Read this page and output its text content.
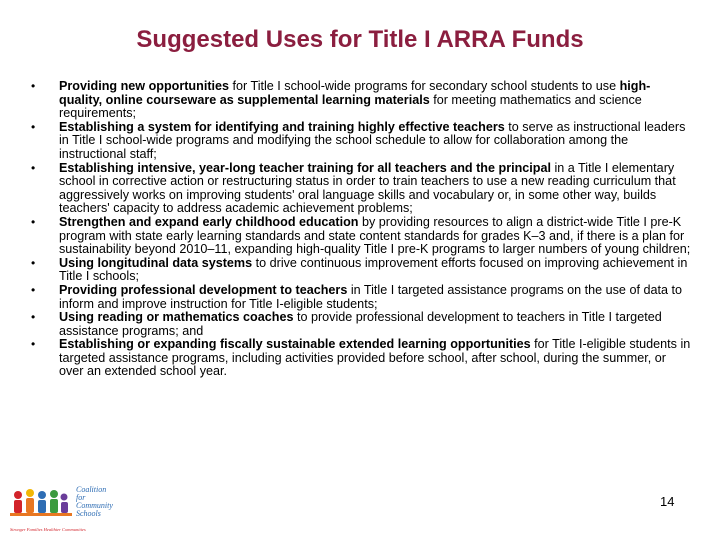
Suggested Uses for Title I ARRA Funds
•	Providing new opportunities for Title I school-wide programs for secondary school students to use high-quality, online courseware as supplemental learning materials for meeting mathematics and science requirements;
•	Establishing a system for identifying and training highly effective teachers to serve as instructional leaders in Title I school-wide programs and modifying the school schedule to allow for collaboration among the instructional staff;
•	Establishing intensive, year-long teacher training for all teachers and the principal in a Title I elementary school in corrective action or restructuring status in order to train teachers to use a new reading curriculum that aggressively works on improving students' oral language skills and vocabulary or, in some other way, builds teachers' capacity to address academic achievement problems;
•	Strengthen and expand early childhood education by providing resources to align a district-wide Title I pre-K program with state early learning standards and state content standards for grades K–3 and, if there is a plan for sustainability beyond 2010–11, expanding high-quality Title I pre-K programs to larger numbers of young children;
•	Using longitudinal data systems to drive continuous improvement efforts focused on improving achievement in Title I schools;
•	Providing professional development to teachers in Title I targeted assistance programs on the use of data to inform and improve instruction for Title I-eligible students;
•	Using reading or mathematics coaches to provide professional development to teachers in Title I targeted assistance programs; and
•	Establishing or expanding fiscally sustainable extended learning opportunities for Title I-eligible students in targeted assistance programs, including activities provided before school, after school, during the summer, or over an extended school year.
Coalition
for
Community
Schools
Stronger Families Healthier Communities
14
